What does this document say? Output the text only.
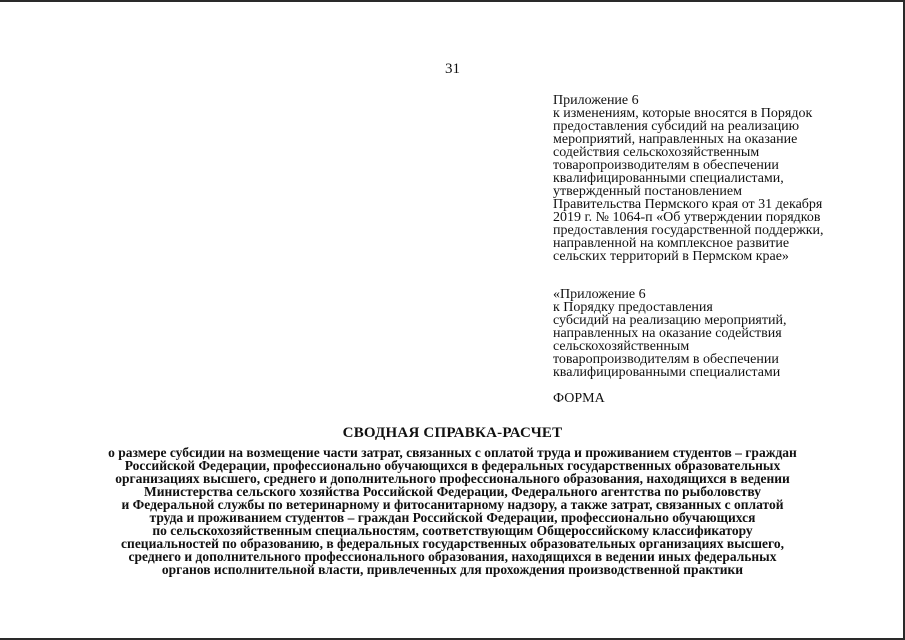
31
Приложение 6
к изменениям, которые вносятся в Порядок
предоставления субсидий на реализацию
мероприятий, направленных на оказание
содействия сельскохозяйственным
товаропроизводителям в обеспечении
квалифицированными специалистами,
утвержденный постановлением
Правительства Пермского края от 31 декабря
2019 г. № 1064-п «Об утверждении порядков
предоставления государственной поддержки,
направленной на комплексное развитие
сельских территорий в Пермском крае»
«Приложение 6
к Порядку предоставления
субсидий на реализацию мероприятий,
направленных на оказание содействия
сельскохозяйственным
товаропроизводителям в обеспечении
квалифицированными специалистами
ФОРМА
СВОДНАЯ СПРАВКА-РАСЧЕТ
о размере субсидии на возмещение части затрат, связанных с оплатой труда и проживанием студентов – граждан
Российской Федерации, профессионально обучающихся в федеральных государственных образовательных
организациях высшего, среднего и дополнительного профессионального образования, находящихся в ведении
Министерства сельского хозяйства Российской Федерации, Федерального агентства по рыболовству
и Федеральной службы по ветеринарному и фитосанитарному надзору, а также затрат, связанных с оплатой
труда и проживанием студентов – граждан Российской Федерации, профессионально обучающихся
по сельскохозяйственным специальностям, соответствующим Общероссийскому классификатору
специальностей по образованию, в федеральных государственных образовательных организациях высшего,
среднего и дополнительного профессионального образования, находящихся в ведении иных федеральных
органов исполнительной власти, привлеченных для прохождения производственной практики
